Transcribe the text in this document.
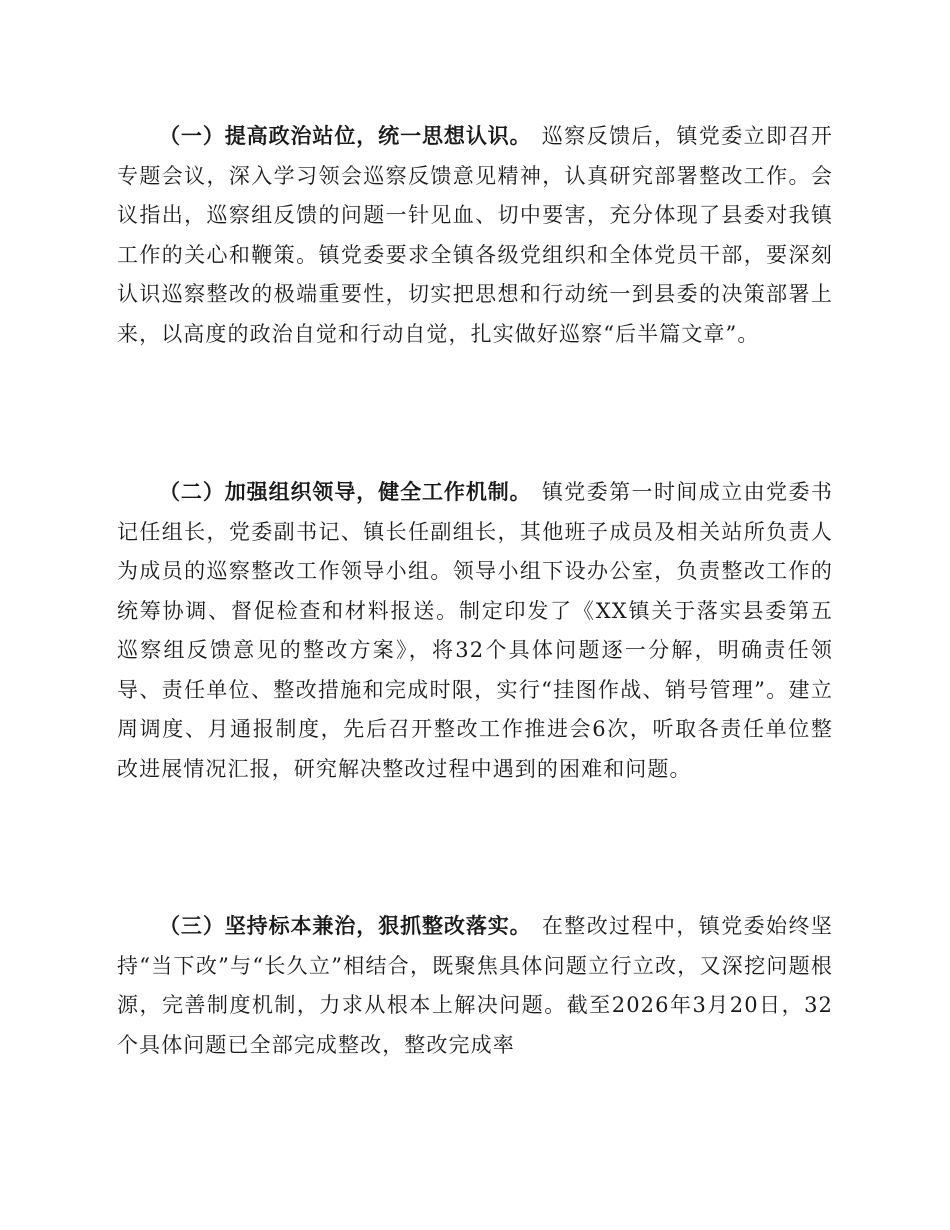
（一）提高政治站位，统一思想认识。 巡察反馈后，镇党委立即召开专题会议，深入学习领会巡察反馈意见精神，认真研究部署整改工作。会议指出，巡察组反馈的问题一针见血、切中要害，充分体现了县委对我镇工作的关心和鞭策。镇党委要求全镇各级党组织和全体党员干部，要深刻认识巡察整改的极端重要性，切实把思想和行动统一到县委的决策部署上来，以高度的政治自觉和行动自觉，扎实做好巡察“后半篇文章”。

（二）加强组织领导，健全工作机制。 镇党委第一时间成立由党委书记任组长，党委副书记、镇长任副组长，其他班子成员及相关站所负责人为成员的巡察整改工作领导小组。领导小组下设办公室，负责整改工作的统筹协调、督促检查和材料报送。制定印发了《XX镇关于落实县委第五巡察组反馈意见的整改方案》，将32个具体问题逐一分解，明确责任领导、责任单位、整改措施和完成时限，实行“挂图作战、销号管理”。建立周调度、月通报制度，先后召开整改工作推进会6次，听取各责任单位整改进展情况汇报，研究解决整改过程中遇到的困难和问题。

（三）坚持标本兼治，狠抓整改落实。 在整改过程中，镇党委始终坚持“当下改”与“长久立”相结合，既聚焦具体问题立行立改，又深挖问题根源，完善制度机制，力求从根本上解决问题。截至2026年3月20日，32个具体问题已全部完成整改，整改完成率
